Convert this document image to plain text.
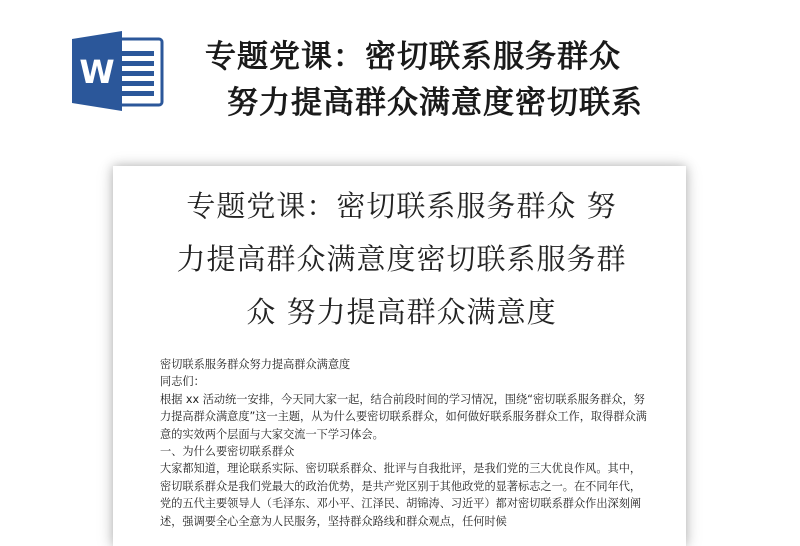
W	专题党课：密切联系服务群众
努力提高群众满意度密切联系
专题党课：密切联系服务群众 努
力提高群众满意度密切联系服务群
众 努力提高群众满意度

密切联系服务群众努力提高群众满意度

同志们：

根据 xx 活动统一安排，今天同大家一起，结合前段时间的学习情况，围绕“密切联系服务群众，努力提高群众满意度”这一主题，从为什么要密切联系群众，如何做好联系服务群众工作，取得群众满意的实效两个层面与大家交流一下学习体会。

一、为什么要密切联系群众

大家都知道，理论联系实际、密切联系群众、批评与自我批评，是我们党的三大优良作风。其中，密切联系群众是我们党最大的政治优势，是共产党区别于其他政党的显著标志之一。在不同年代，党的五代主要领导人（毛泽东、邓小平、江泽民、胡锦涛、习近平）都对密切联系群众作出深刻阐述，强调要全心全意为人民服务，坚持群众路线和群众观点，任何时候
